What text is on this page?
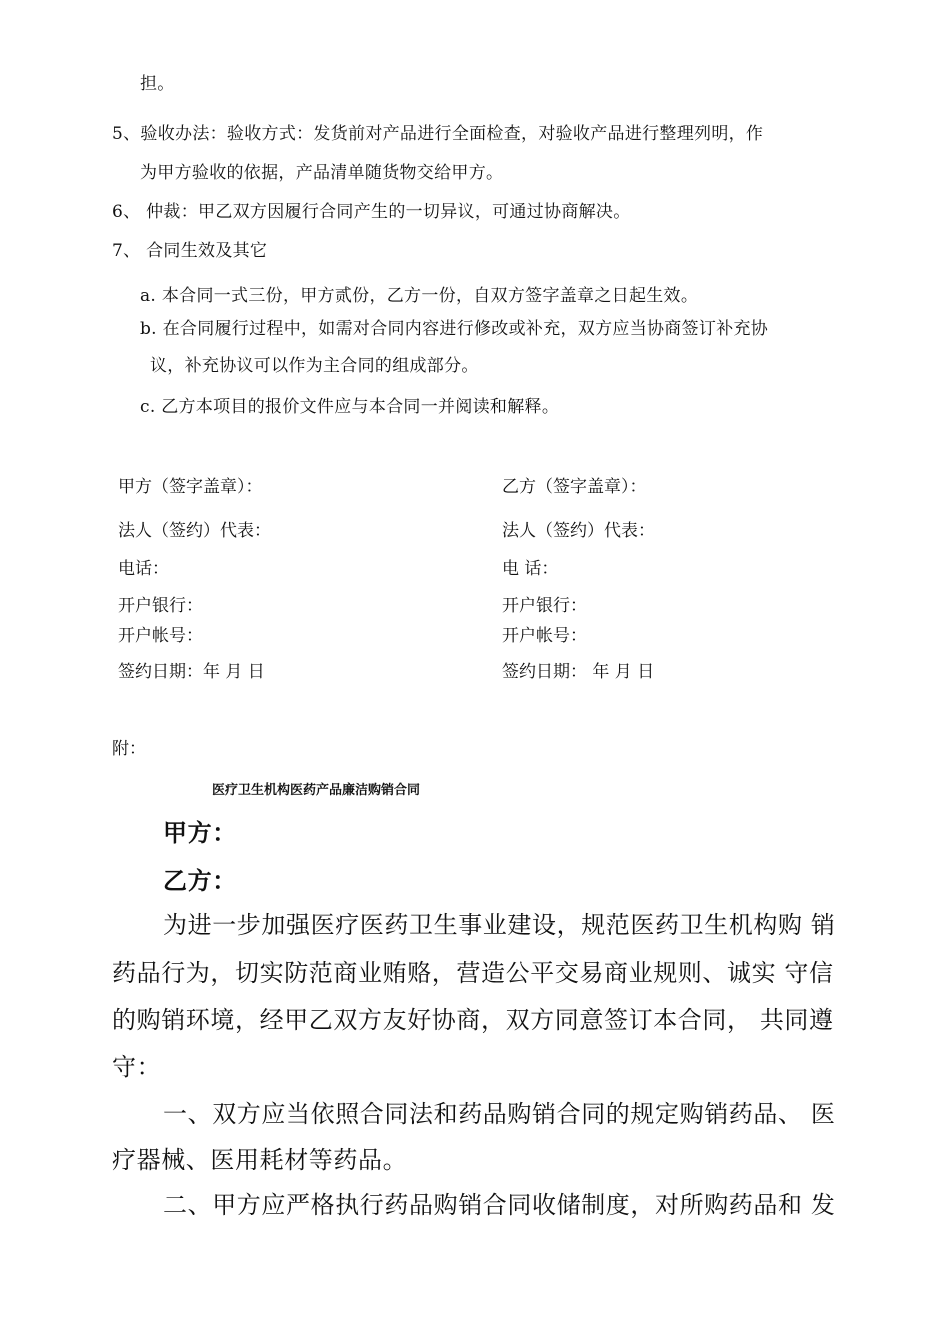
担。
5、验收办法：验收方式：发货前对产品进行全面检查，对验收产品进行整理列明，作
为甲方验收的依据，产品清单随货物交给甲方。
6、 仲裁：甲乙双方因履行合同产生的一切异议，可通过协商解决。
7、 合同生效及其它
a. 本合同一式三份，甲方贰份，乙方一份，自双方签字盖章之日起生效。
b. 在合同履行过程中，如需对合同内容进行修改或补充，双方应当协商签订补充协
议，补充协议可以作为主合同的组成部分。
c. 乙方本项目的报价文件应与本合同一并阅读和解释。
甲方（签字盖章）：
法人（签约）代表：
电话：
开户银行：
开户帐号：
签约日期：年 月 日
乙方（签字盖章）：
法人（签约）代表：
电 话：
开户银行：
开户帐号：
签约日期： 年 月 日
附：
医疗卫生机构医药产品廉洁购销合同
甲方：
乙方：
为进一步加强医疗医药卫生事业建设，规范医药卫生机构购 销
药品行为，切实防范商业贿赂，营造公平交易商业规则、诚实 守信
的购销环境，经甲乙双方友好协商，双方同意签订本合同， 共同遵
守：
一、双方应当依照合同法和药品购销合同的规定购销药品、 医
疗器械、医用耗材等药品。
二、甲方应严格执行药品购销合同收储制度，对所购药品和 发
